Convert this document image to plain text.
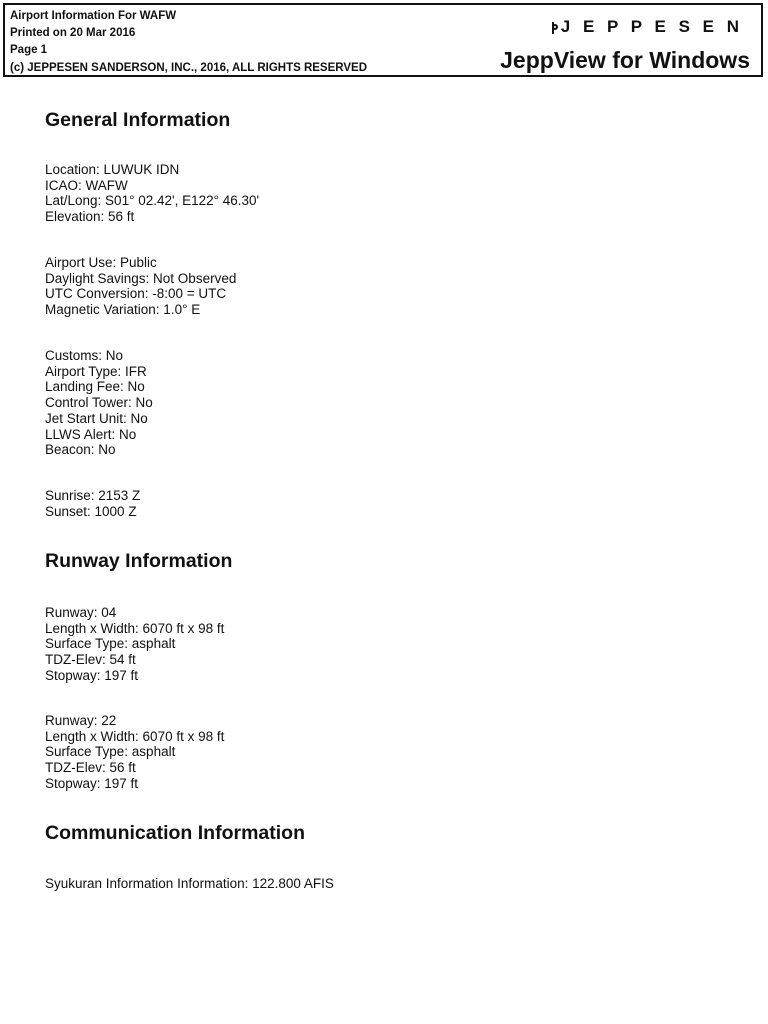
Airport Information For WAFW
Printed on 20 Mar 2016
Page 1
(c) JEPPESEN SANDERSON, INC., 2016, ALL RIGHTS RESERVED
J E P P E S E N
JeppView for Windows
General Information
Location: LUWUK IDN
ICAO: WAFW
Lat/Long: S01° 02.42', E122° 46.30'
Elevation: 56 ft
Airport Use: Public
Daylight Savings: Not Observed
UTC Conversion: -8:00 = UTC
Magnetic Variation: 1.0° E
Customs: No
Airport Type: IFR
Landing Fee: No
Control Tower: No
Jet Start Unit: No
LLWS Alert: No
Beacon: No
Sunrise: 2153 Z
Sunset: 1000 Z
Runway Information
Runway: 04
Length x Width: 6070 ft x 98 ft
Surface Type: asphalt
TDZ-Elev: 54 ft
Stopway: 197 ft
Runway: 22
Length x Width: 6070 ft x 98 ft
Surface Type: asphalt
TDZ-Elev: 56 ft
Stopway: 197 ft
Communication Information
Syukuran Information Information: 122.800 AFIS
